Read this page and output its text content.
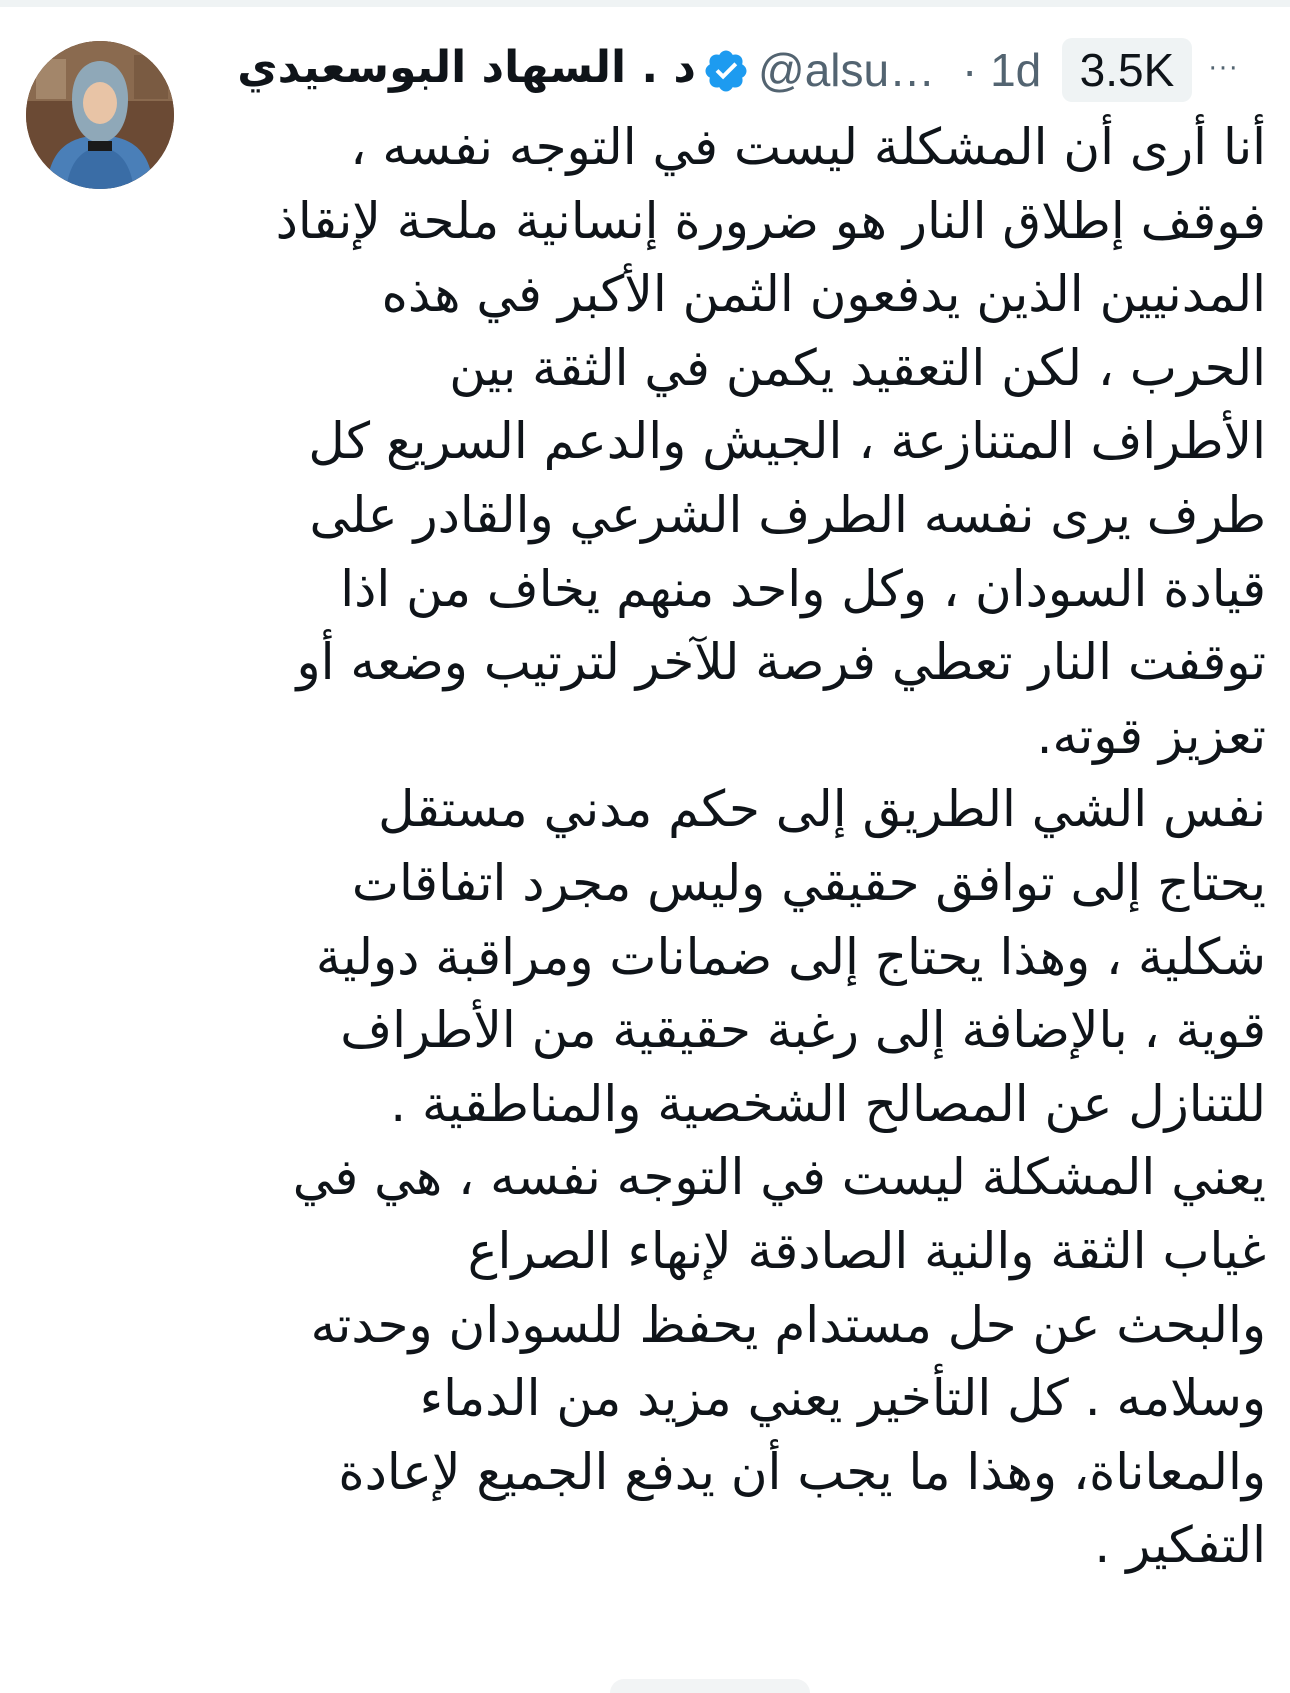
د . السهاد البوسعيدي @alsu… · 1d 3.5K	···
أنا أرى أن المشكلة ليست في التوجه نفسه ،
فوقف إطلاق النار هو ضرورة إنسانية ملحة لإنقاذ
المدنيين الذين يدفعون الثمن الأكبر في هذه
الحرب ، لكن التعقيد يكمن في الثقة بين
الأطراف المتنازعة ، الجيش والدعم السريع كل
طرف يرى نفسه الطرف الشرعي والقادر على
قيادة السودان ، وكل واحد منهم يخاف من اذا
توقفت النار تعطي فرصة للآخر لترتيب وضعه أو
تعزيز قوته.
نفس الشي الطريق إلى حكم مدني مستقل
يحتاج إلى توافق حقيقي وليس مجرد اتفاقات
شكلية ، وهذا يحتاج إلى ضمانات ومراقبة دولية
قوية ، بالإضافة إلى رغبة حقيقية من الأطراف
للتنازل عن المصالح الشخصية والمناطقية .
يعني المشكلة ليست في التوجه نفسه ، هي في
غياب الثقة والنية الصادقة لإنهاء الصراع
والبحث عن حل مستدام يحفظ للسودان وحدته
وسلامه . كل التأخير يعني مزيد من الدماء
والمعاناة، وهذا ما يجب أن يدفع الجميع لإعادة
التفكير .
